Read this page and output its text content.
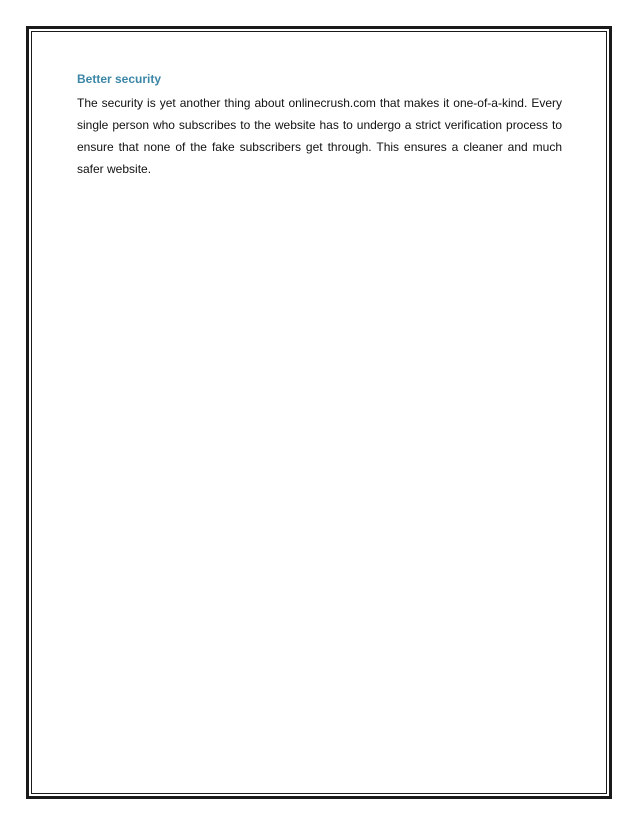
Better security

The security is yet another thing about onlinecrush.com that makes it one-of-a-kind. Every single person who subscribes to the website has to undergo a strict verification process to ensure that none of the fake subscribers get through. This ensures a cleaner and much safer website.
